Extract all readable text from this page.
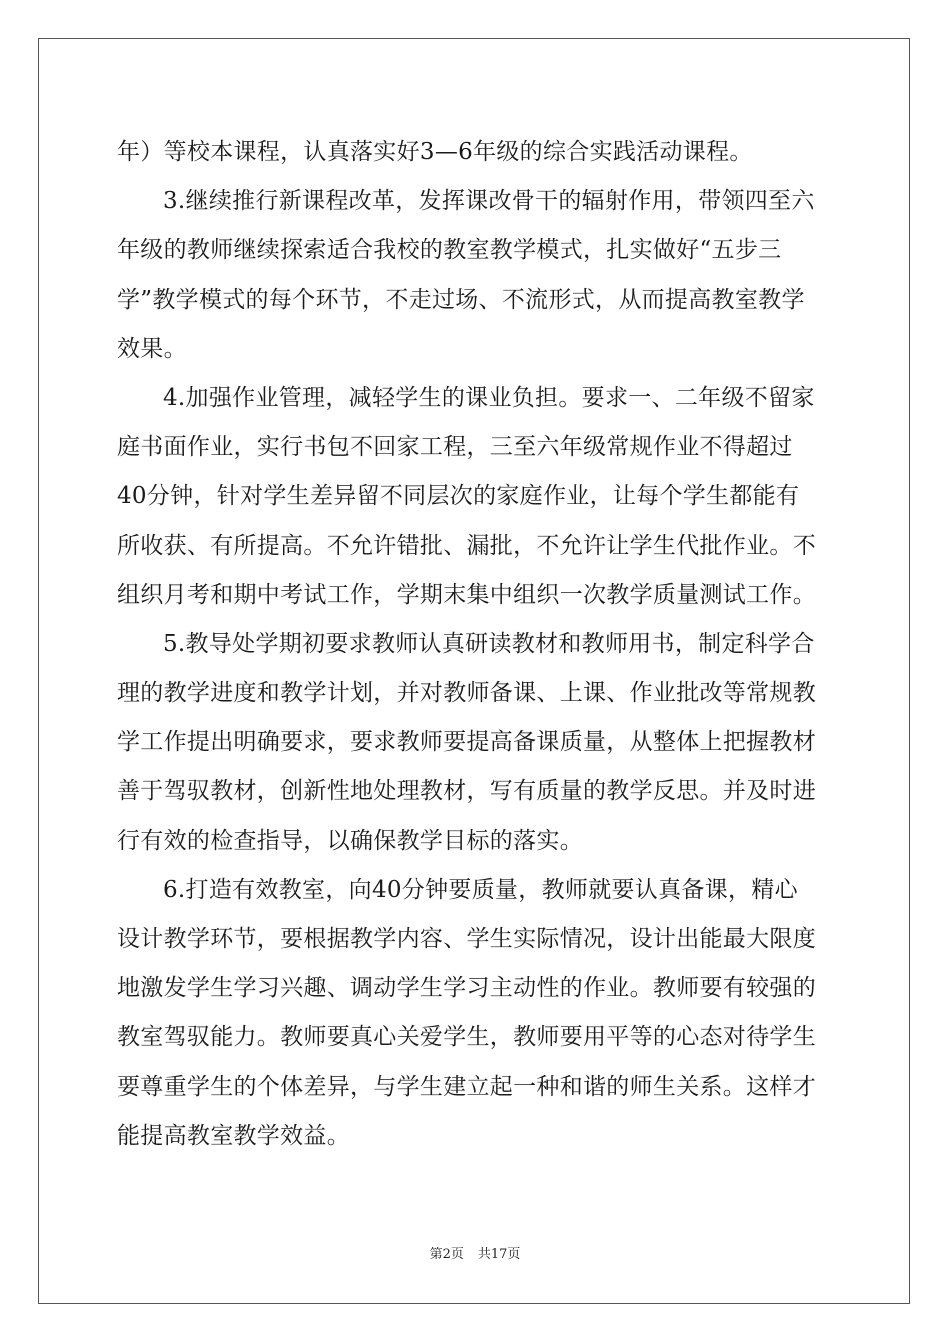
年）等校本课程，认真落实好3—6年级的综合实践活动课程。
3.继续推行新课程改革，发挥课改骨干的辐射作用，带领四至六
年级的教师继续探索适合我校的教室教学模式，扎实做好“五步三
学”教学模式的每个环节，不走过场、不流形式，从而提高教室教学
效果。
4.加强作业管理，减轻学生的课业负担。要求一、二年级不留家
庭书面作业，实行书包不回家工程，三至六年级常规作业不得超过
40分钟，针对学生差异留不同层次的家庭作业，让每个学生都能有
所收获、有所提高。不允许错批、漏批，不允许让学生代批作业。不
组织月考和期中考试工作，学期末集中组织一次教学质量测试工作。
5.教导处学期初要求教师认真研读教材和教师用书，制定科学合
理的教学进度和教学计划，并对教师备课、上课、作业批改等常规教
学工作提出明确要求，要求教师要提高备课质量，从整体上把握教材
善于驾驭教材，创新性地处理教材，写有质量的教学反思。并及时进
行有效的检查指导，以确保教学目标的落实。
6.打造有效教室，向40分钟要质量，教师就要认真备课，精心
设计教学环节，要根据教学内容、学生实际情况，设计出能最大限度
地激发学生学习兴趣、调动学生学习主动性的作业。教师要有较强的
教室驾驭能力。教师要真心关爱学生，教师要用平等的心态对待学生
要尊重学生的个体差异，与学生建立起一种和谐的师生关系。这样才
能提高教室教学效益。
第2页 共17页
